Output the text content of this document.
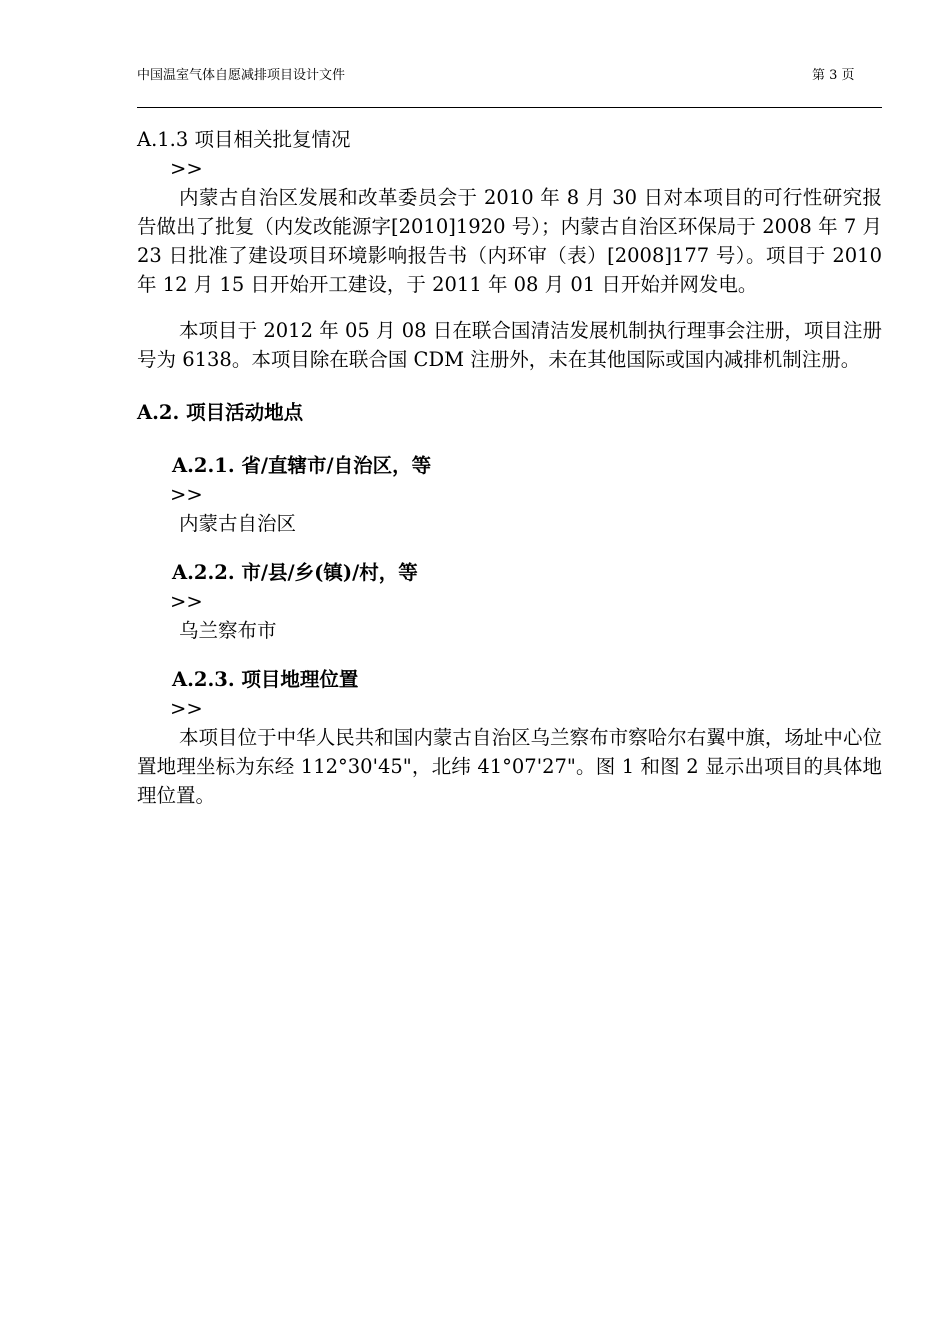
中国温室气体自愿减排项目设计文件	第 3 页
A.1.3 项目相关批复情况
>>

内蒙古自治区发展和改革委员会于 2010 年 8 月 30 日对本项目的可行性研究报告做出了批复（内发改能源字[2010]1920 号）；内蒙古自治区环保局于 2008 年 7 月 23 日批准了建设项目环境影响报告书（内环审（表）[2008]177 号）。项目于 2010 年 12 月 15 日开始开工建设，于 2011 年 08 月 01 日开始并网发电。

本项目于 2012 年 05 月 08 日在联合国清洁发展机制执行理事会注册，项目注册号为 6138。本项目除在联合国 CDM 注册外，未在其他国际或国内减排机制注册。

A.2. 项目活动地点
A.2.1. 省/直辖市/自治区，等
>>
内蒙古自治区
A.2.2. 市/县/乡(镇)/村，等
>>
乌兰察布市
A.2.3. 项目地理位置
>>

本项目位于中华人民共和国内蒙古自治区乌兰察布市察哈尔右翼中旗，场址中心位置地理坐标为东经 112°30'45"，北纬 41°07'27"。图 1 和图 2 显示出项目的具体地理位置。
